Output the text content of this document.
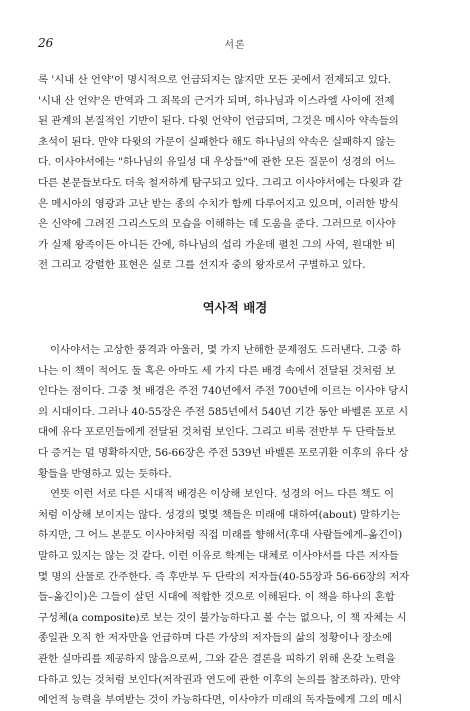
26	서론
록 '시내 산 언약'이 명시적으로 언급되지는 않지만 모든 곳에서 전제되고 있다.
'시내 산 언약'은 반역과 그 죄목의 근거가 되며, 하나님과 이스라엘 사이에 전제
된 관계의 본질적인 기반이 된다. 다윗 언약이 언급되며, 그것은 메시아 약속들의
초석이 된다. 만약 다윗의 가문이 실패한다 해도 하나님의 약속은 실패하지 않는
다. 이사야서에는 "하나님의 유일성 대 우상들"에 관한 모든 질문이 성경의 어느
다른 본문들보다도 더욱 철저하게 탐구되고 있다. 그리고 이사야서에는 다윗과 같
은 메시아의 영광과 고난 받는 종의 수치가 함께 다루어지고 있으며, 이러한 방식
은 신약에 그려진 그리스도의 모습을 이해하는 데 도움을 준다. 그러므로 이사야
가 실제 왕족이든 아니든 간에, 하나님의 섭리 가운데 펼친 그의 사역, 원대한 비
전 그리고 강렬한 표현은 실로 그를 선지자 중의 왕자로서 구별하고 있다.
역사적 배경
이사야서는 고상한 풍격과 아울러, 몇 가지 난해한 문제점도 드러낸다. 그중 하
나는 이 책이 적어도 둘 혹은 아마도 세 가지 다른 배경 속에서 전달된 것처럼 보
인다는 점이다. 그중 첫 배경은 주전 740년에서 주전 700년에 이르는 이사야 당시
의 시대이다. 그러나 40-55장은 주전 585년에서 540년 기간 동안 바벨론 포로 시
대에 유다 포로민들에게 전달된 것처럼 보인다. 그리고 비록 전반부 두 단락들보
다 증거는 덜 명확하지만, 56-66장은 주전 539년 바벨론 포로귀환 이후의 유다 상
황들을 반영하고 있는 듯하다.
연뜻 이런 서로 다른 시대적 배경은 이상해 보인다. 성경의 어느 다른 책도 이
처럼 이상해 보이지는 않다. 성경의 몇몇 책들은 미래에 대하여(about) 말하기는
하지만, 그 어느 본문도 이사야처럼 직접 미래를 향해서(후대 사람들에게–옮긴이)
말하고 있지는 않는 것 같다. 이런 이유로 학계는 대체로 이사야서를 다른 저자들
몇 명의 산물로 간주한다. 즉 후반부 두 단락의 저자들(40-55장과 56-66장의 저자
들–옮긴이)은 그들이 살던 시대에 적합한 것으로 이해된다. 이 책을 하나의 혼합
구성체(a composite)로 보는 것이 불가능하다고 볼 수는 없으나, 이 책 자체는 시
종일관 오직 한 저자만을 언급하며 다른 가상의 저자들의 삶의 정황이나 장소에
관한 실마리를 제공하지 않음으로써, 그와 같은 결론을 피하기 위해 온갖 노력을
다하고 있는 것처럼 보인다(저작권과 연도에 관한 이후의 논의를 참조하라). 만약
예언적 능력을 부여받는 것이 가능하다면, 이사야가 미래의 독자들에게 그의 메시
